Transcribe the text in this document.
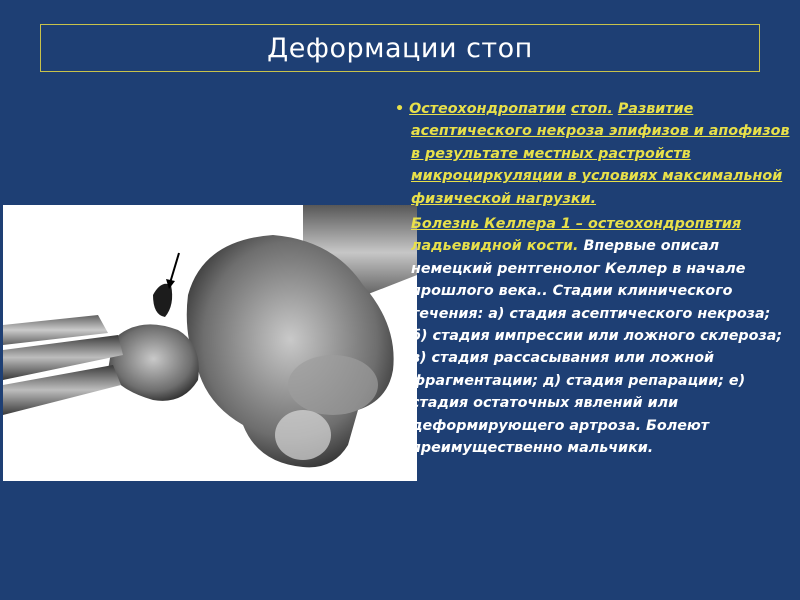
Деформации стоп
• Остеохондропатии стоп. Развитие асептического некроза эпифизов и апофизов в результате местных растройств микроциркуляции в условиях максимальной физической нагрузки.
Болезнь Келлера 1 – остеохондропвтия ладьевидной кости. Впервые описал немецкий рентгенолог Келлер в начале прошлого века.. Стадии клинического течения: а) стадия асептического некроза; б) стадия импрессии или ложного склероза; в) стадия рассасывания или ложной фрагментации; д) стадия репарации; е) стадия остаточных явлений или деформирующего артроза. Болеют преимущественно мальчики.
